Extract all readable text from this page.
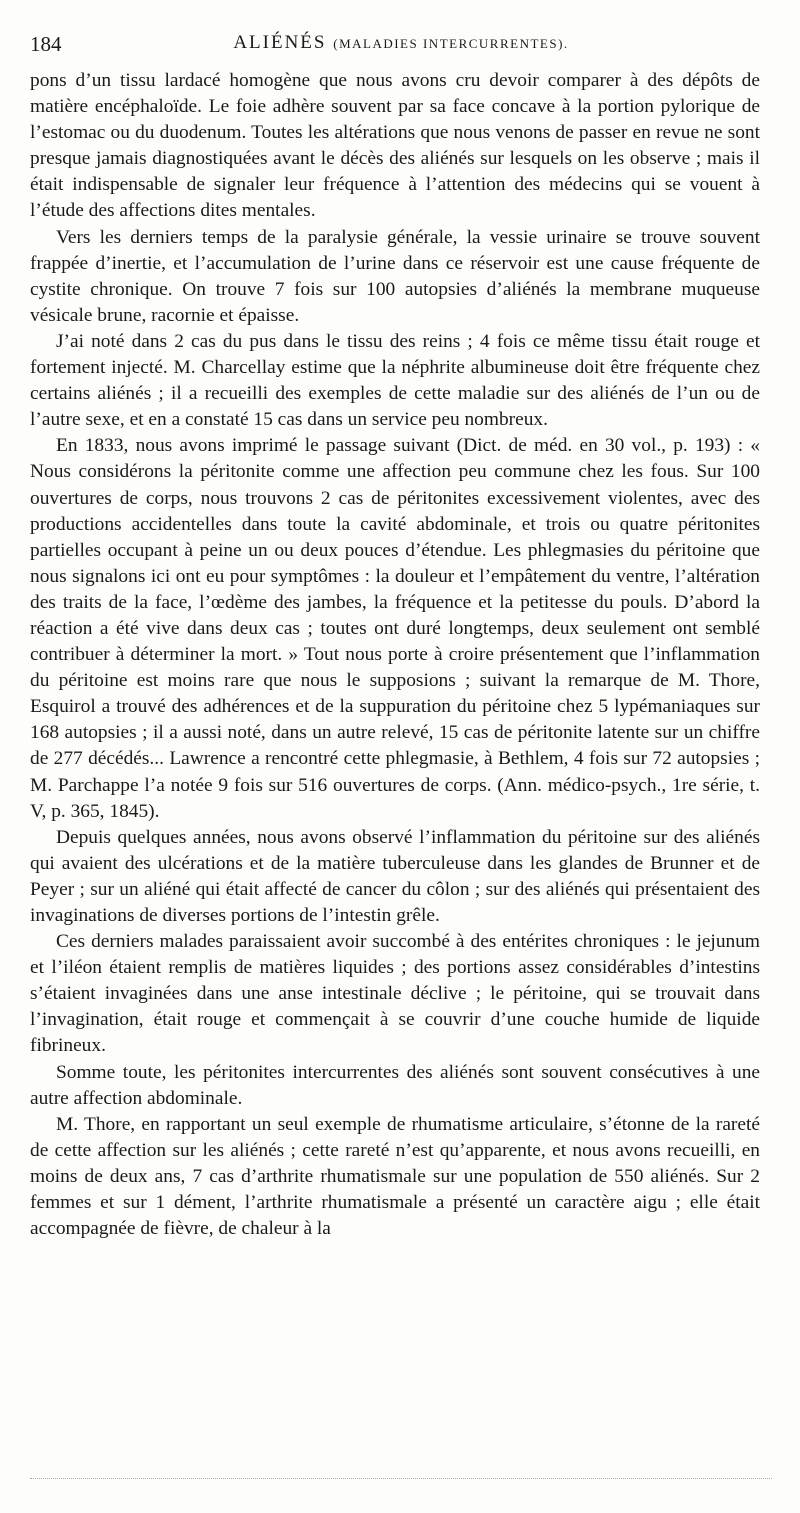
184	ALIÉNÉS (MALADIES INTERCURRENTES).

pons d’un tissu lardacé homogène que nous avons cru devoir comparer à des dépôts de matière encéphaloïde. Le foie adhère souvent par sa face concave à la portion pylorique de l’estomac ou du duodenum. Toutes les altérations que nous venons de passer en revue ne sont presque jamais diagnostiquées avant le décès des aliénés sur lesquels on les observe ; mais il était indispensable de signaler leur fréquence à l’attention des médecins qui se vouent à l’étude des affections dites mentales.

Vers les derniers temps de la paralysie générale, la vessie urinaire se trouve souvent frappée d’inertie, et l’accumulation de l’urine dans ce réservoir est une cause fréquente de cystite chronique. On trouve 7 fois sur 100 autopsies d’aliénés la membrane muqueuse vésicale brune, racornie et épaisse.

J’ai noté dans 2 cas du pus dans le tissu des reins ; 4 fois ce même tissu était rouge et fortement injecté. M. Charcellay estime que la néphrite albumineuse doit être fréquente chez certains aliénés ; il a recueilli des exemples de cette maladie sur des aliénés de l’un ou de l’autre sexe, et en a constaté 15 cas dans un service peu nombreux.

En 1833, nous avons imprimé le passage suivant (Dict. de méd. en 30 vol., p. 193) : « Nous considérons la péritonite comme une affection peu commune chez les fous. Sur 100 ouvertures de corps, nous trouvons 2 cas de péritonites excessivement violentes, avec des productions accidentelles dans toute la cavité abdominale, et trois ou quatre péritonites partielles occupant à peine un ou deux pouces d’étendue. Les phlegmasies du péritoine que nous signalons ici ont eu pour symptômes : la douleur et l’empâtement du ventre, l’altération des traits de la face, l’œdème des jambes, la fréquence et la petitesse du pouls. D’abord la réaction a été vive dans deux cas ; toutes ont duré longtemps, deux seulement ont semblé contribuer à déterminer la mort. » Tout nous porte à croire présentement que l’inflammation du péritoine est moins rare que nous le supposions ; suivant la remarque de M. Thore, Esquirol a trouvé des adhérences et de la suppuration du péritoine chez 5 lypémaniaques sur 168 autopsies ; il a aussi noté, dans un autre relevé, 15 cas de péritonite latente sur un chiffre de 277 décédés... Lawrence a rencontré cette phlegmasie, à Bethlem, 4 fois sur 72 autopsies ; M. Parchappe l’a notée 9 fois sur 516 ouvertures de corps. (Ann. médico-psych., 1re série, t. V, p. 365, 1845).

Depuis quelques années, nous avons observé l’inflammation du péritoine sur des aliénés qui avaient des ulcérations et de la matière tuberculeuse dans les glandes de Brunner et de Peyer ; sur un aliéné qui était affecté de cancer du côlon ; sur des aliénés qui présentaient des invaginations de diverses portions de l’intestin grêle.

Ces derniers malades paraissaient avoir succombé à des entérites chroniques : le jejunum et l’iléon étaient remplis de matières liquides ; des portions assez considérables d’intestins s’étaient invaginées dans une anse intestinale déclive ; le péritoine, qui se trouvait dans l’invagination, était rouge et commençait à se couvrir d’une couche humide de liquide fibrineux.

Somme toute, les péritonites intercurrentes des aliénés sont souvent consécutives à une autre affection abdominale.

M. Thore, en rapportant un seul exemple de rhumatisme articulaire, s’étonne de la rareté de cette affection sur les aliénés ; cette rareté n’est qu’apparente, et nous avons recueilli, en moins de deux ans, 7 cas d’arthrite rhumatismale sur une population de 550 aliénés. Sur 2 femmes et sur 1 dément, l’arthrite rhumatismale a présenté un caractère aigu ; elle était accompagnée de fièvre, de chaleur à la
